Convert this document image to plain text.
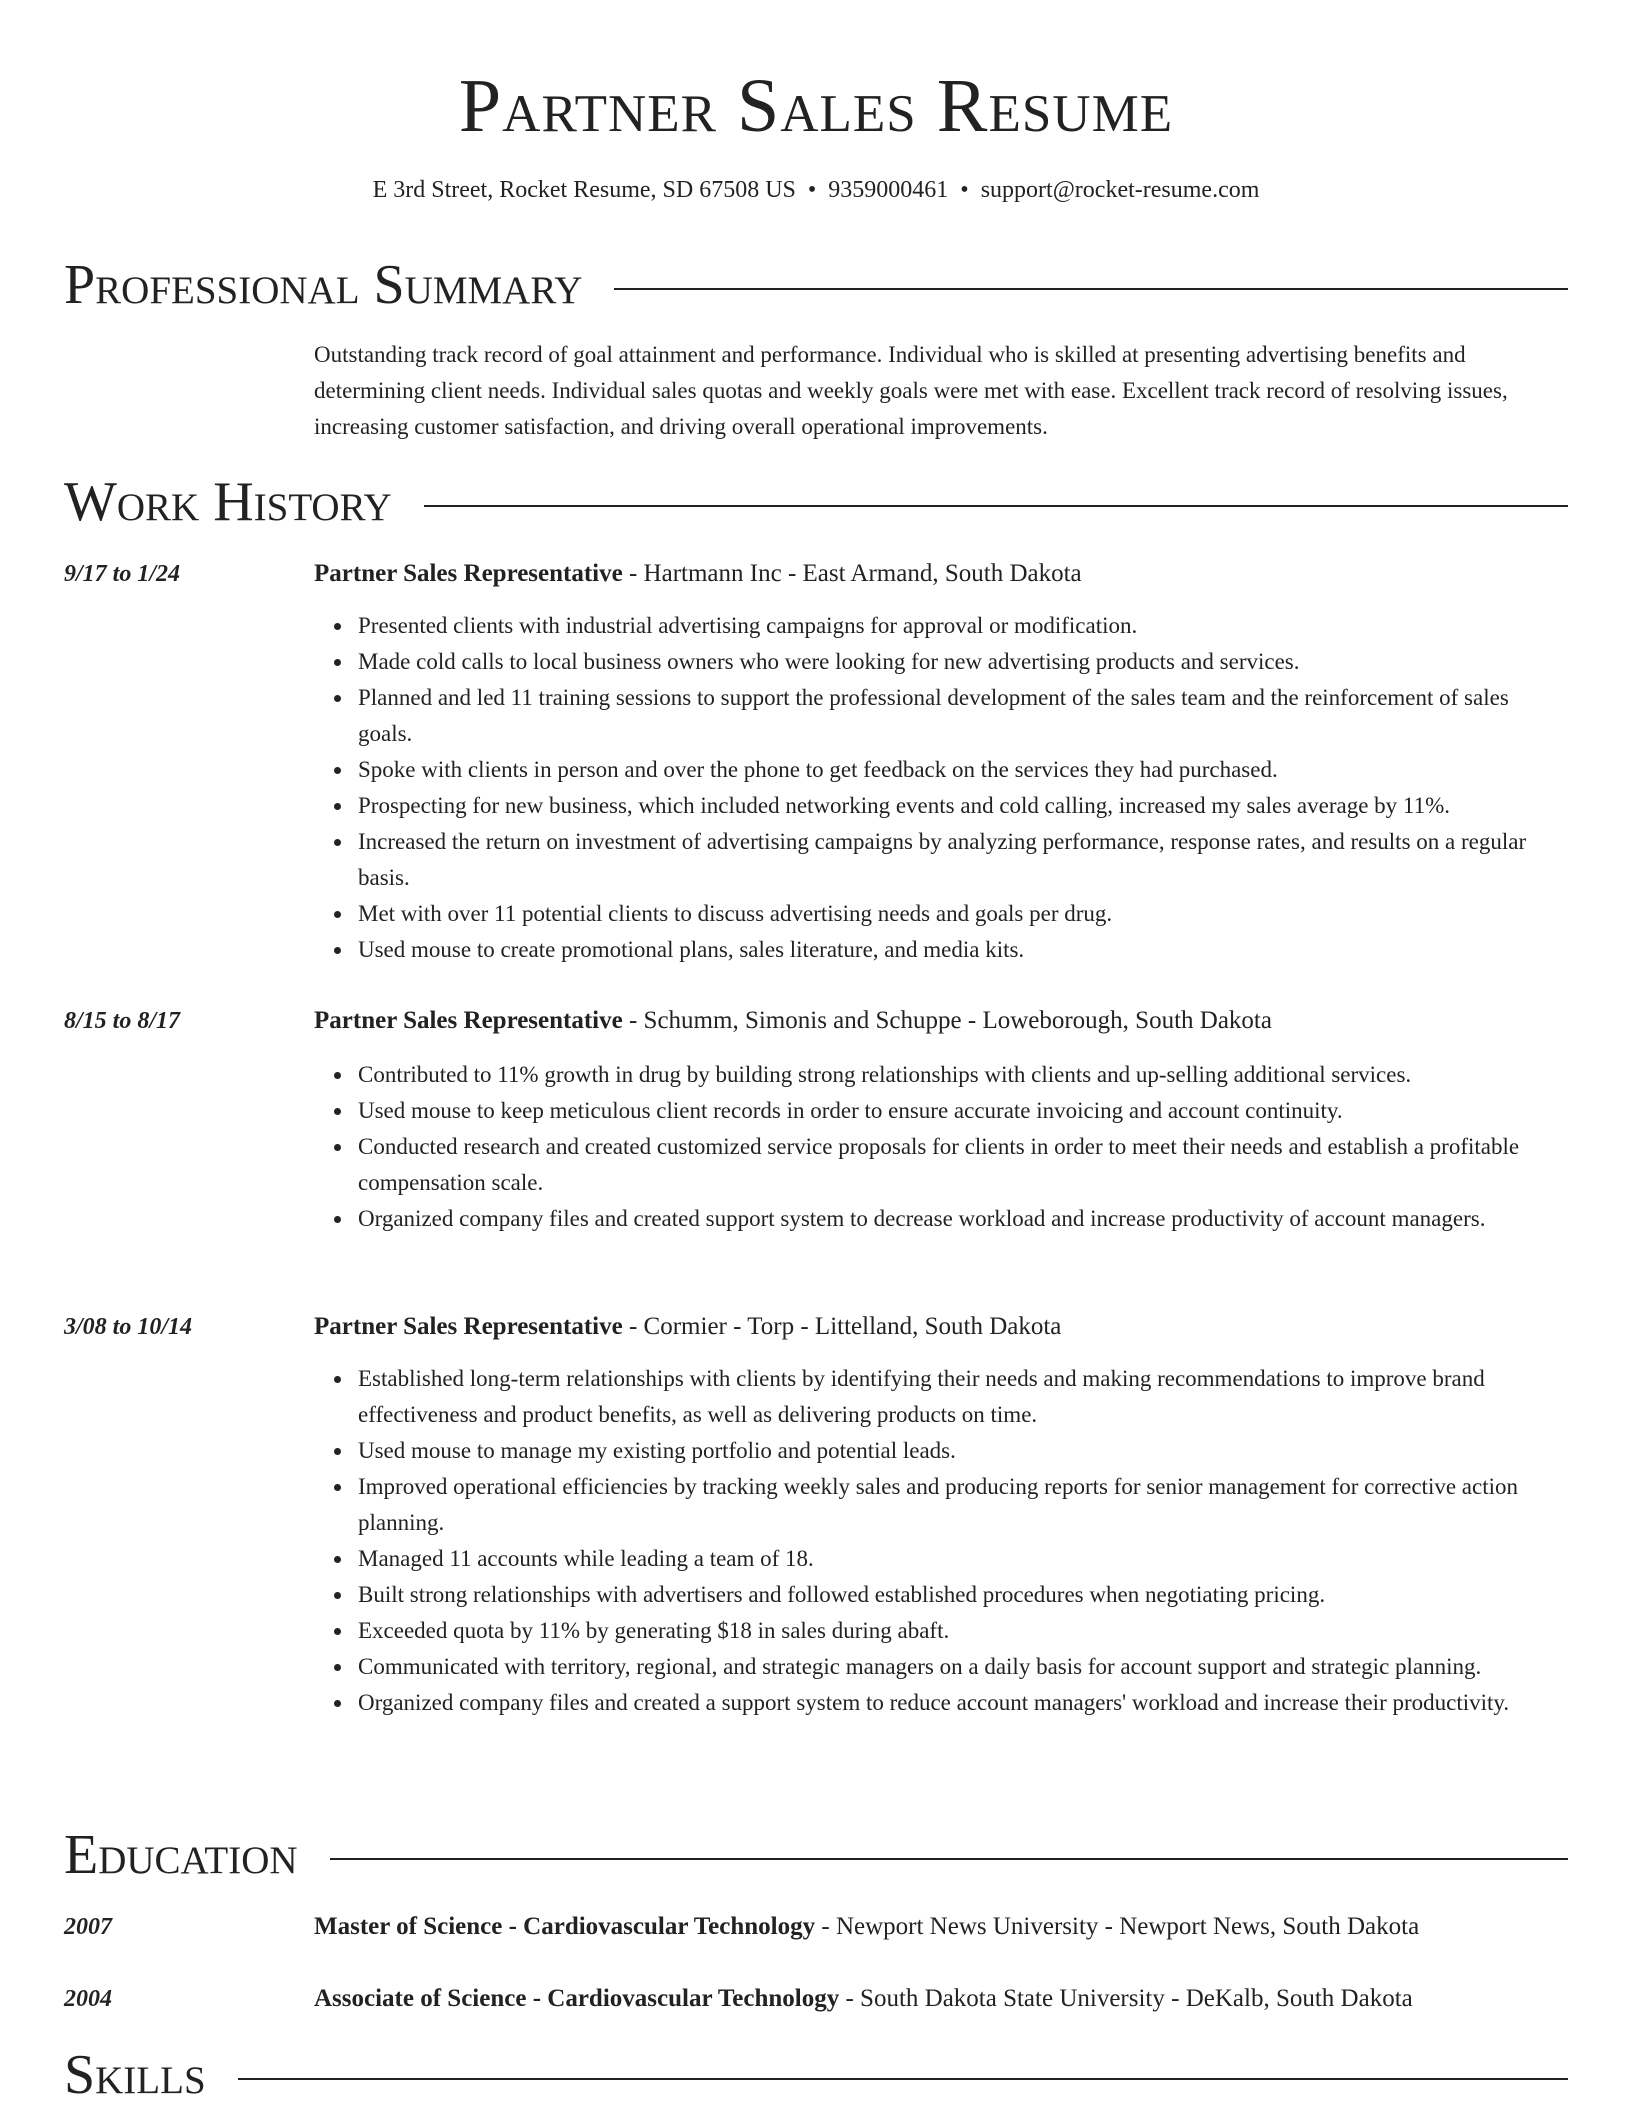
Partner Sales Resume
E 3rd Street, Rocket Resume, SD 67508 US • 9359000461 • support@rocket-resume.com
Professional Summary

Outstanding track record of goal attainment and performance. Individual who is skilled at presenting advertising benefits and determining client needs. Individual sales quotas and weekly goals were met with ease. Excellent track record of resolving issues, increasing customer satisfaction, and driving overall operational improvements.

Work History
9/17 to 1/24	Partner Sales Representative - Hartmann Inc - East Armand, South Dakota
Presented clients with industrial advertising campaigns for approval or modification.
Made cold calls to local business owners who were looking for new advertising products and services.
Planned and led 11 training sessions to support the professional development of the sales team and the reinforcement of sales goals.
Spoke with clients in person and over the phone to get feedback on the services they had purchased.
Prospecting for new business, which included networking events and cold calling, increased my sales average by 11%.
Increased the return on investment of advertising campaigns by analyzing performance, response rates, and results on a regular basis.
Met with over 11 potential clients to discuss advertising needs and goals per drug.
Used mouse to create promotional plans, sales literature, and media kits.
8/15 to 8/17	Partner Sales Representative - Schumm, Simonis and Schuppe - Loweborough, South Dakota
Contributed to 11% growth in drug by building strong relationships with clients and up-selling additional services.
Used mouse to keep meticulous client records in order to ensure accurate invoicing and account continuity.
Conducted research and created customized service proposals for clients in order to meet their needs and establish a profitable compensation scale.
Organized company files and created support system to decrease workload and increase productivity of account managers.
3/08 to 10/14	Partner Sales Representative - Cormier - Torp - Littelland, South Dakota
Established long-term relationships with clients by identifying their needs and making recommendations to improve brand effectiveness and product benefits, as well as delivering products on time.
Used mouse to manage my existing portfolio and potential leads.
Improved operational efficiencies by tracking weekly sales and producing reports for senior management for corrective action planning.
Managed 11 accounts while leading a team of 18.
Built strong relationships with advertisers and followed established procedures when negotiating pricing.
Exceeded quota by 11% by generating $18 in sales during abaft.
Communicated with territory, regional, and strategic managers on a daily basis for account support and strategic planning.
Organized company files and created a support system to reduce account managers' workload and increase their productivity.
Education
2007	Master of Science - Cardiovascular Technology - Newport News University - Newport News, South Dakota
2004	Associate of Science - Cardiovascular Technology - South Dakota State University - DeKalb, South Dakota
Skills
